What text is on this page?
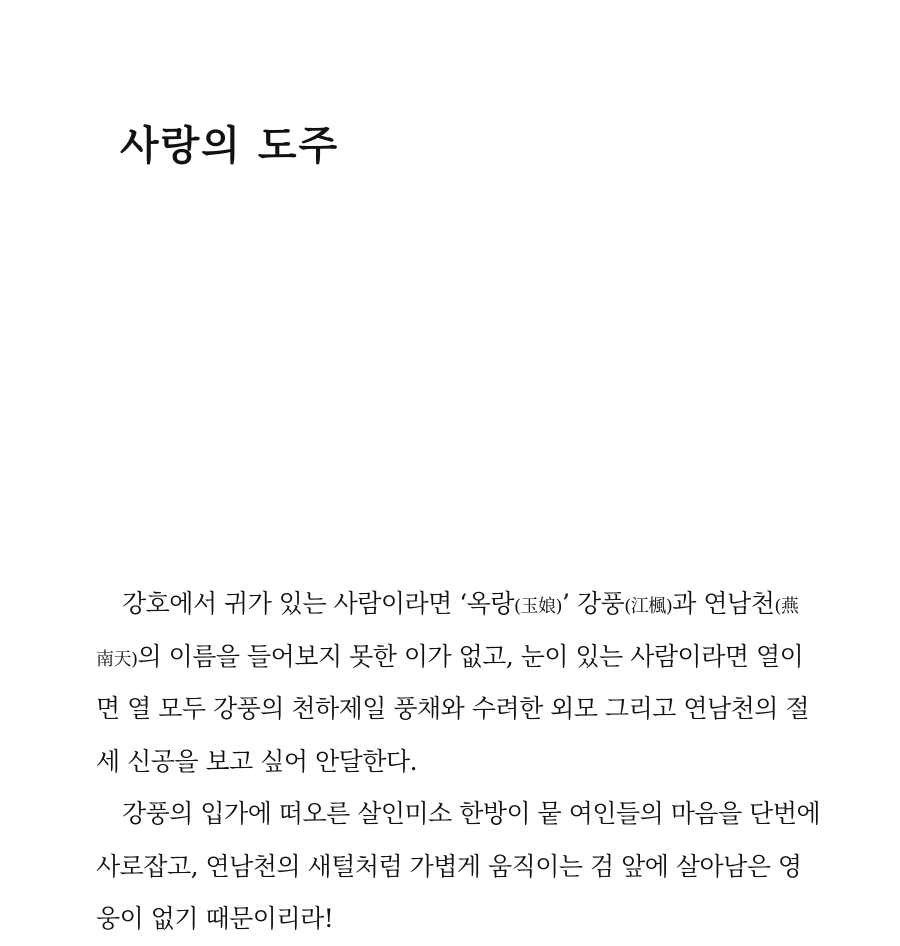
사랑의 도주
강호에서 귀가 있는 사람이라면 ‘옥랑(玉娘)’ 강풍(江楓)과 연남천(燕
南天)의 이름을 들어보지 못한 이가 없고, 눈이 있는 사람이라면 열이
면 열 모두 강풍의 천하제일 풍채와 수려한 외모 그리고 연남천의 절
세 신공을 보고 싶어 안달한다.
강풍의 입가에 떠오른 살인미소 한방이 뭍 여인들의 마음을 단번에
사로잡고, 연남천의 새털처럼 가볍게 움직이는 검 앞에 살아남은 영
웅이 없기 때문이리라!
